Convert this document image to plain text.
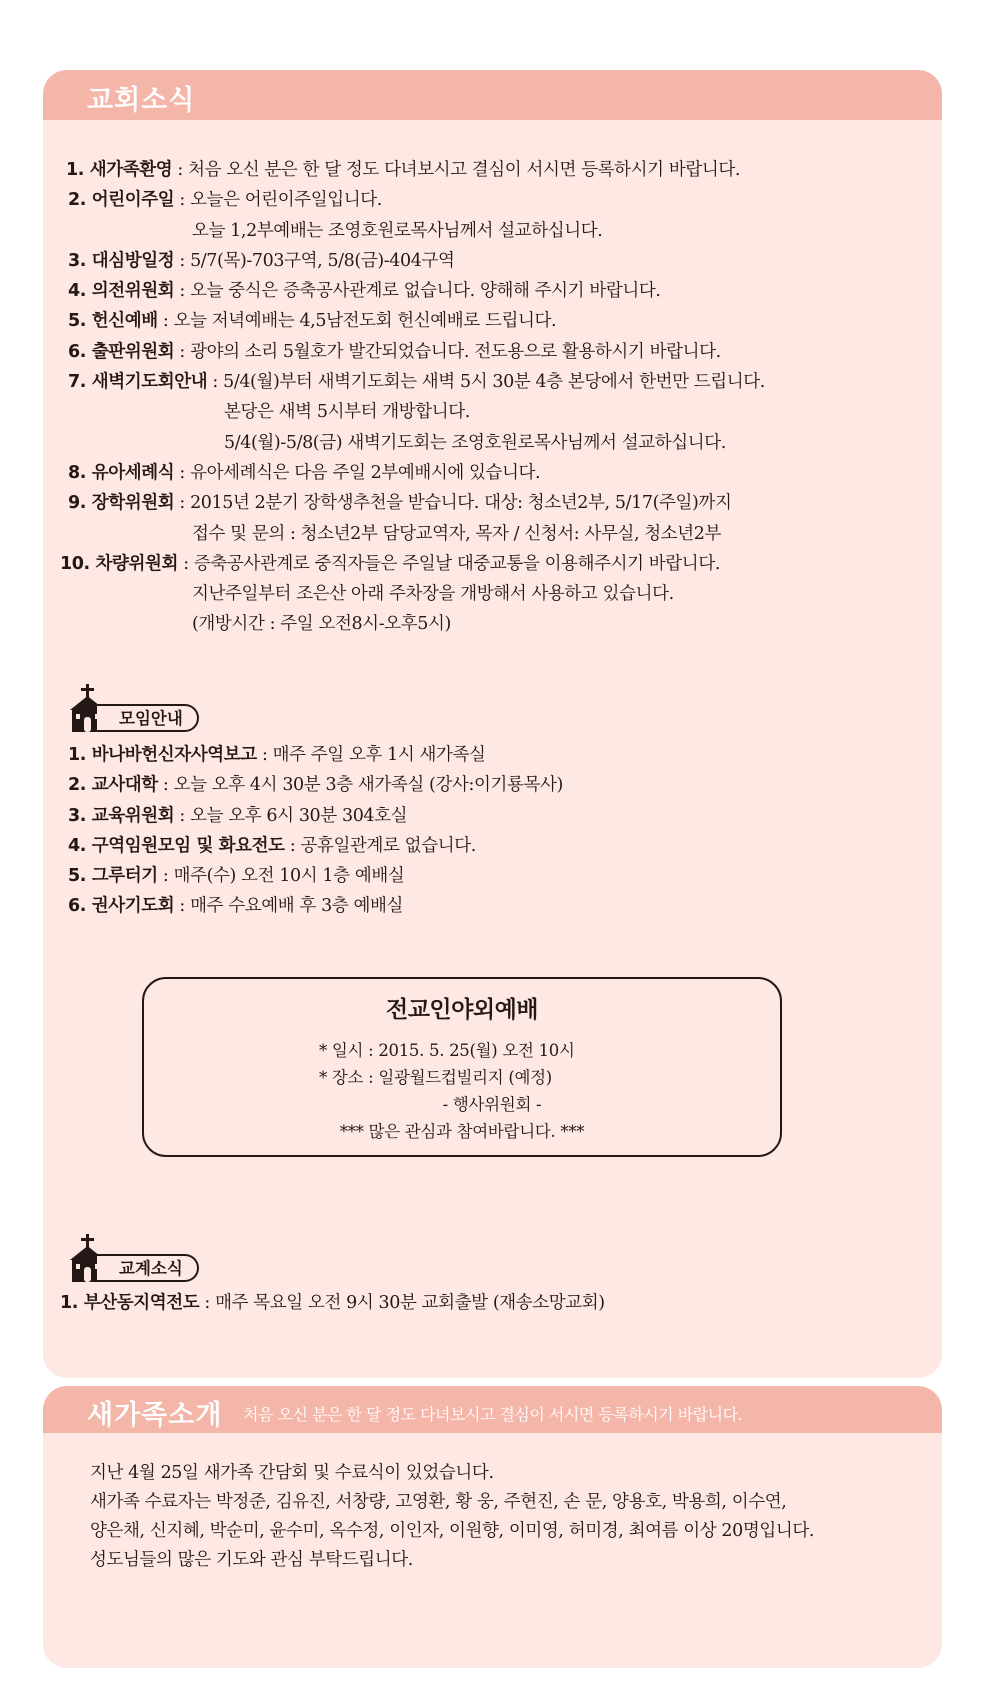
교회소식
1. 새가족환영 : 처음 오신 분은 한 달 정도 다녀보시고 결심이 서시면 등록하시기 바랍니다.
2. 어린이주일 : 오늘은 어린이주일입니다.
오늘 1,2부예배는 조영호원로목사님께서 설교하십니다.
3. 대심방일정 : 5/7(목)-703구역, 5/8(금)-404구역
4. 의전위원회 : 오늘 중식은 증축공사관계로 없습니다. 양해해 주시기 바랍니다.
5. 헌신예배 : 오늘 저녁예배는 4,5남전도회 헌신예배로 드립니다.
6. 출판위원회 : 광야의 소리 5월호가 발간되었습니다. 전도용으로 활용하시기 바랍니다.
7. 새벽기도회안내 : 5/4(월)부터 새벽기도회는 새벽 5시 30분 4층 본당에서 한번만 드립니다.
본당은 새벽 5시부터 개방합니다.
5/4(월)-5/8(금) 새벽기도회는 조영호원로목사님께서 설교하십니다.
8. 유아세례식 : 유아세례식은 다음 주일 2부예배시에 있습니다.
9. 장학위원회 : 2015년 2분기 장학생추천을 받습니다. 대상: 청소년2부, 5/17(주일)까지
접수 및 문의 : 청소년2부 담당교역자, 목자 / 신청서: 사무실, 청소년2부
10. 차량위원회 : 증축공사관계로 중직자들은 주일날 대중교통을 이용해주시기 바랍니다.
지난주일부터 조은산 아래 주차장을 개방해서 사용하고 있습니다.
(개방시간 : 주일 오전8시-오후5시)
모임안내
1. 바나바헌신자사역보고 : 매주 주일 오후 1시 새가족실
2. 교사대학 : 오늘 오후 4시 30분 3층 새가족실 (강사:이기룡목사)
3. 교육위원회 : 오늘 오후 6시 30분 304호실
4. 구역임원모임 및 화요전도 : 공휴일관계로 없습니다.
5. 그루터기 : 매주(수) 오전 10시 1층 예배실
6. 권사기도회 : 매주 수요예배 후 3층 예배실
전교인야외예배
* 일시 : 2015. 5. 25(월) 오전 10시
* 장소 : 일광월드컵빌리지 (예정)
- 행사위원회 -
*** 많은 관심과 참여바랍니다. ***
교계소식
1. 부산동지역전도 : 매주 목요일 오전 9시 30분 교회출발 (재송소망교회)
새가족소개 처음 오신 분은 한 달 정도 다녀보시고 결심이 서시면 등록하시기 바랍니다.
지난 4월 25일 새가족 간담회 및 수료식이 있었습니다.
새가족 수료자는 박정준, 김유진, 서창량, 고영환, 황 웅, 주현진, 손 문, 양용호, 박용희, 이수연,
양은채, 신지혜, 박순미, 윤수미, 옥수정, 이인자, 이원향, 이미영, 허미경, 최여름 이상 20명입니다.
성도님들의 많은 기도와 관심 부탁드립니다.
